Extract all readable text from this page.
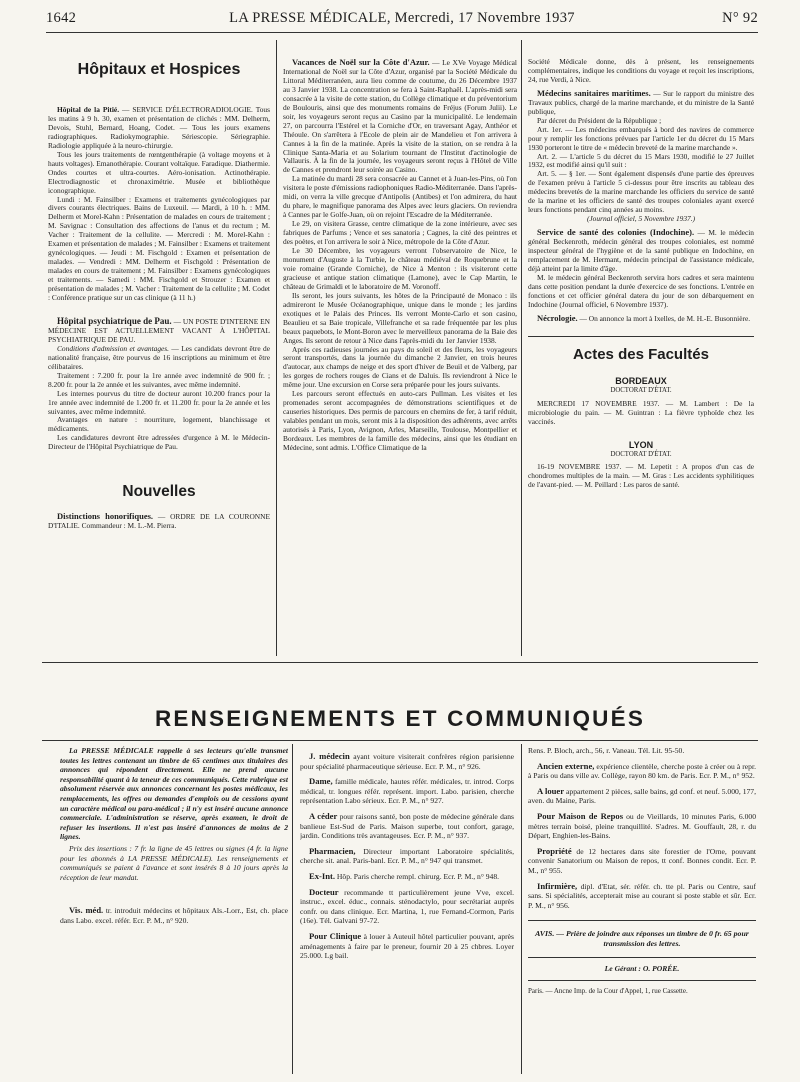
1642	LA PRESSE MÉDICALE, Mercredi, 17 Novembre 1937	N° 92
Hôpitaux et Hospices

Hôpital de la Pitié. — SERVICE D'ÉLECTRORADIOLOGIE. Tous les matins à 9 h. 30, examen et présentation de clichés : MM. Delherm, Devois, Stuhl, Bernard, Hoang, Codet. — Tous les jours examens radiographiques. Radiokymographie. Sériescopie. Sériegraphie. Radiologie appliquée à la neuro-chirurgie.

Tous les jours traitements de rœntgenthérapie (à voltage moyens et à hauts voltages). Emanothérapie. Courant voltaïque. Faradique. Diathermie. Ondes courtes et ultra-courtes. Aéro-ionisation. Actinothérapie. Electrodiagnostic et chronaximétrie. Musée et bibliothèque iconographique.

Lundi : M. Fainsilber : Examens et traitements gynécologiques par divers courants électriques. Bains de Luxeuil. — Mardi, à 10 h. : MM. Delherm et Morel-Kahn : Présentation de malades en cours de traitement ; M. Savignac : Consultation des affections de l'anus et du rectum ; M. Vacher : Traitement de la cellulite. — Mercredi : M. Morel-Kahn : Examen et présentation de malades ; M. Fainsilber : Examens et traitement gynécologiques. — Jeudi : M. Fischgold : Examen et présentation de malades. — Vendredi : MM. Delherm et Fischgold : Présentation de malades en cours de traitement ; M. Fainsilber : Examens gynécologiques et traitements. — Samedi : MM. Fischgold et Strouzer : Examen et présentation de malades ; M. Vacher : Traitement de la cellulite ; M. Codet : Conférence pratique sur un cas clinique (à 11 h.)

Hôpital psychiatrique de Pau. — UN POSTE D'INTERNE EN MÉDECINE EST ACTUELLEMENT VACANT À L'HÔPITAL PSYCHIATRIQUE DE PAU.

Conditions d'admission et avantages. — Les candidats devront être de nationalité française, être pourvus de 16 inscriptions au minimum et être célibataires.

Traitement : 7.200 fr. pour la 1re année avec indemnité de 900 fr. ; 8.200 fr. pour la 2e année et les suivantes, avec même indemnité.

Les internes pourvus du titre de docteur auront 10.200 francs pour la 1re année avec indemnité de 1.200 fr. et 11.200 fr. pour la 2e année et les suivantes, avec même indemnité.

Avantages en nature : nourriture, logement, blanchissage et médicaments.

Les candidatures devront être adressées d'urgence à M. le Médecin-Directeur de l'Hôpital Psychiatrique de Pau.

Nouvelles

Distinctions honorifiques. — ORDRE DE LA COURONNE D'ITALIE. Commandeur : M. L.-M. Pierra.

Vacances de Noël sur la Côte d'Azur. — Le XVe Voyage Médical International de Noël sur la Côte d'Azur, organisé par la Société Médicale du Littoral Méditerranéen, aura lieu comme de coutume, du 26 Décembre 1937 au 3 Janvier 1938. La concentration se fera à Saint-Raphaël. L'après-midi sera consacrée à la visite de cette station, du Collège climatique et du préventorium de Boulouris, ainsi que des monuments romains de Fréjus (Forum Julii). Le soir, les voyageurs seront reçus au Casino par la municipalité. Le lendemain 27, on parcourra l'Estérel et la Corniche d'Or, en traversant Agay, Anthéor et Théoule. On s'arrêtera à l'Ecole de plein air de Mandelieu et l'on arrivera à Cannes à la fin de la matinée. Après la visite de la station, on se rendra à la Clinique Santa-Maria et au Solarium tournant de l'Institut d'actinologie de Vallauris. À la fin de la journée, les voyageurs seront reçus à l'Hôtel de Ville de Cannes et prendront leur soirée au Casino.

La matinée du mardi 28 sera consacrée au Cannet et à Juan-les-Pins, où l'on visitera le poste d'émissions radiophoniques Radio-Méditerranée. Dans l'après-midi, on verra la ville grecque d'Antipolis (Antibes) et l'on admirera, du haut du phare, le magnifique panorama des Alpes avec leurs glaciers. On reviendra à Cannes par le Golfe-Juan, où on rejoint l'Escadre de la Méditerranée.

Le 29, on visitera Grasse, centre climatique de la zone intérieure, avec ses fabriques de Parfums ; Vence et ses sanatoria ; Cagnes, la cité des peintres et des poètes, et l'on arrivera le soir à Nice, métropole de la Côte d'Azur.

Le 30 Décembre, les voyageurs verront l'observatoire de Nice, le monument d'Auguste à la Turbie, le château médiéval de Roquebrune et la voie romaine (Grande Corniche), de Nice à Menton : ils visiteront cette gracieuse et antique station climatique (Lamone), avec le Cap Martin, le château de Grimaldi et le laboratoire de M. Voronoff.

Ils seront, les jours suivants, les hôtes de la Principauté de Monaco : ils admireront le Musée Océanographique, unique dans le monde ; les jardins exotiques et le Palais des Princes. Ils verront Monte-Carlo et son casino, Beaulieu et sa Baie tropicale, Villefranche et sa rade fréquentée par les plus beaux paquebots, le Mont-Boron avec le merveilleux panorama de la Baie des Anges. Ils seront de retour à Nice dans l'après-midi du 1er Janvier 1938.

Après ces radieuses journées au pays du soleil et des fleurs, les voyageurs seront transportés, dans la journée du dimanche 2 Janvier, en trois heures d'autocar, aux champs de neige et des sport d'hiver de Beuil et de Valberg, par les gorges de rochers rouges de Cians et de Daluis. Ils reviendront à Nice le même jour. Une excursion en Corse sera préparée pour les jours suivants.

Les parcours seront effectués en auto-cars Pullman. Les visites et les promenades seront accompagnées de démonstrations scientifiques et de causeries historiques. Des permis de parcours en chemins de fer, à tarif réduit, valables pendant un mois, seront mis à la disposition des adhérents, avec arrêts autorisés à Paris, Lyon, Avignon, Arles, Marseille, Toulouse, Montpellier et Bordeaux. Les membres de la famille des médecins, ainsi que les étudiant en Médecine, sont admis. L'Office Climatique de la

Société Médicale donne, dès à présent, les renseignements complémentaires, indique les conditions du voyage et reçoit les inscriptions, 24, rue Verdi, à Nice.

Médecins sanitaires maritimes. — Sur le rapport du ministre des Travaux publics, chargé de la marine marchande, et du ministre de la Santé publique,

Par décret du Président de la République ;

Art. 1er. — Les médecins embarqués à bord des navires de commerce pour y remplir les fonctions prévues par l'article 1er du décret du 15 Mars 1930 porteront le titre de « médecin breveté de la marine marchande ».

Art. 2. — L'article 5 du décret du 15 Mars 1930, modifié le 27 Juillet 1932, est modifié ainsi qu'il suit :

Art. 5. — § 1er. — Sont également dispensés d'une partie des épreuves de l'examen prévu à l'article 5 ci-dessus pour être inscrits au tableau des médecins brevetés de la marine marchande les officiers du service de santé de la marine et les officiers de santé des troupes coloniales ayant exercé leurs fonctions pendant cinq années au moins.

(Journal officiel, 5 Novembre 1937.)

Service de santé des colonies (Indochine). — M. le médecin général Beckenroth, médecin général des troupes coloniales, est nommé inspecteur général de l'hygiène et de la santé publique en Indochine, en remplacement de M. Hermant, médecin principal de l'assistance médicale, déjà atteint par la limite d'âge.

M. le médecin général Beckenroth servira hors cadres et sera maintenu dans cette position pendant la durée d'exercice de ses fonctions. L'entrée en fonctions et cet officier général datera du jour de son débarquement en Indochine (Journal officiel, 6 Novembre 1937).

Nécrologie. — On annonce la mort à Ixelles, de M. H.-E. Busonnière.

Actes des Facultés
BORDEAUX

DOCTORAT D'ÉTAT.

MERCREDI 17 NOVEMBRE 1937. — M. Lambert : De la microbiologie du pain. — M. Guintran : La fièvre typhoïde chez les vaccinés.

LYON

DOCTORAT D'ÉTAT.

16-19 NOVEMBRE 1937. — M. Lepetit : A propos d'un cas de chondromes multiples de la main. — M. Gras : Les accidents syphilitiques de l'avant-pied. — M. Peillard : Les paros de santé.

RENSEIGNEMENTS ET COMMUNIQUÉS

La PRESSE MÉDICALE rappelle à ses lecteurs qu'elle transmet toutes les lettres contenant un timbre de 65 centimes aux titulaires des annonces qui répondent directement. Elle ne prend aucune responsabilité quant à la teneur de ces communiqués. Cette rubrique est absolument réservée aux annonces concernant les postes médicaux, les remplacements, les offres ou demandes d'emplois ou de cessions ayant un caractère médical ou para-médical ; il n'y est inséré aucune annonce commerciale. L'administration se réserve, après examen, le droit de refuser les insertions. Il n'est pas inséré d'annonces de moins de 2 lignes.

Prix des insertions : 7 fr. la ligne de 45 lettres ou signes (4 fr. la ligne pour les abonnés à LA PRESSE MÉDICALE). Les renseignements et communiqués se paient à l'avance et sont insérés 8 à 10 jours après la réception de leur mandat.

Vis. méd. tr. introduit médecins et hôpitaux Als.-Lorr., Est, ch. place dans Labo. excel. référ. Ecr. P. M., n° 920.

J. médecin ayant voiture visiterait confrères région parisienne pour spécialité pharmaceutique sérieuse. Ecr. P. M., n° 926.

Dame, famille médicale, hautes référ. médicales, tr. introd. Corps médical, tr. longues référ. représent. import. Labo. parisien, cherche représentation Labo sérieux. Ecr. P. M., n° 927.

A céder pour raisons santé, bon poste de médecine générale dans banlieue Est-Sud de Paris. Maison superbe, tout confort, garage, jardin. Conditions très avantageuses. Ecr. P. M., n° 937.

Pharmacien, Directeur important Laboratoire spécialités, cherche sit. anal. Paris-banl. Ecr. P. M., n° 947 qui transmet.

Ex-Int. Hôp. Paris cherche rempl. chirurg. Ecr. P. M., n° 948.

Docteur recommande tt particulièrement jeune Vve, excel. instruc., excel. éduc., connais. sténodactylo, pour secrétariat auprès confr. ou dans clinique. Ecr. Martina, 1, rue Fernand-Cormon, Paris (16e). Tél. Galvani 97-72.

Pour Clinique à louer à Auteuil hôtel particulier pouvant, après aménagements à faire par le preneur, fournir 20 à 25 chbres. Loyer 25.000. Lg bail.

Rens. P. Bloch, arch., 56, r. Vaneau. Tél. Lit. 95-50.

Ancien externe, expérience clientèle, cherche poste à créer ou à repr. à Paris ou dans ville av. Collège, rayon 80 km. de Paris. Ecr. P. M., n° 952.

A louer appartement 2 pièces, salle bains, gd conf. et neuf. 5.000, 177, aven. du Maine, Paris.

Pour Maison de Repos ou de Vieillards, 10 minutes Paris, 6.000 mètres terrain boisé, pleine tranquillité. S'adres. M. Gouffault, 28, r. du Départ, Enghien-les-Bains.

Propriété de 12 hectares dans site forestier de l'Orne, pouvant convenir Sanatorium ou Maison de repos, tt conf. Bonnes condit. Ecr. P. M., n° 955.

Infirmière, dipl. d'Etat, sér. référ. ch. tte pl. Paris ou Centre, sauf sans. Si spécialités, accepterait mise au courant si poste stable et sûr. Ecr. P. M., n° 956.

AVIS. — Prière de joindre aux réponses un timbre de 0 fr. 65 pour transmission des lettres.

Le Gérant : O. PORÉE.

Paris. — Ancne Imp. de la Cour d'Appel, 1, rue Cassette.
